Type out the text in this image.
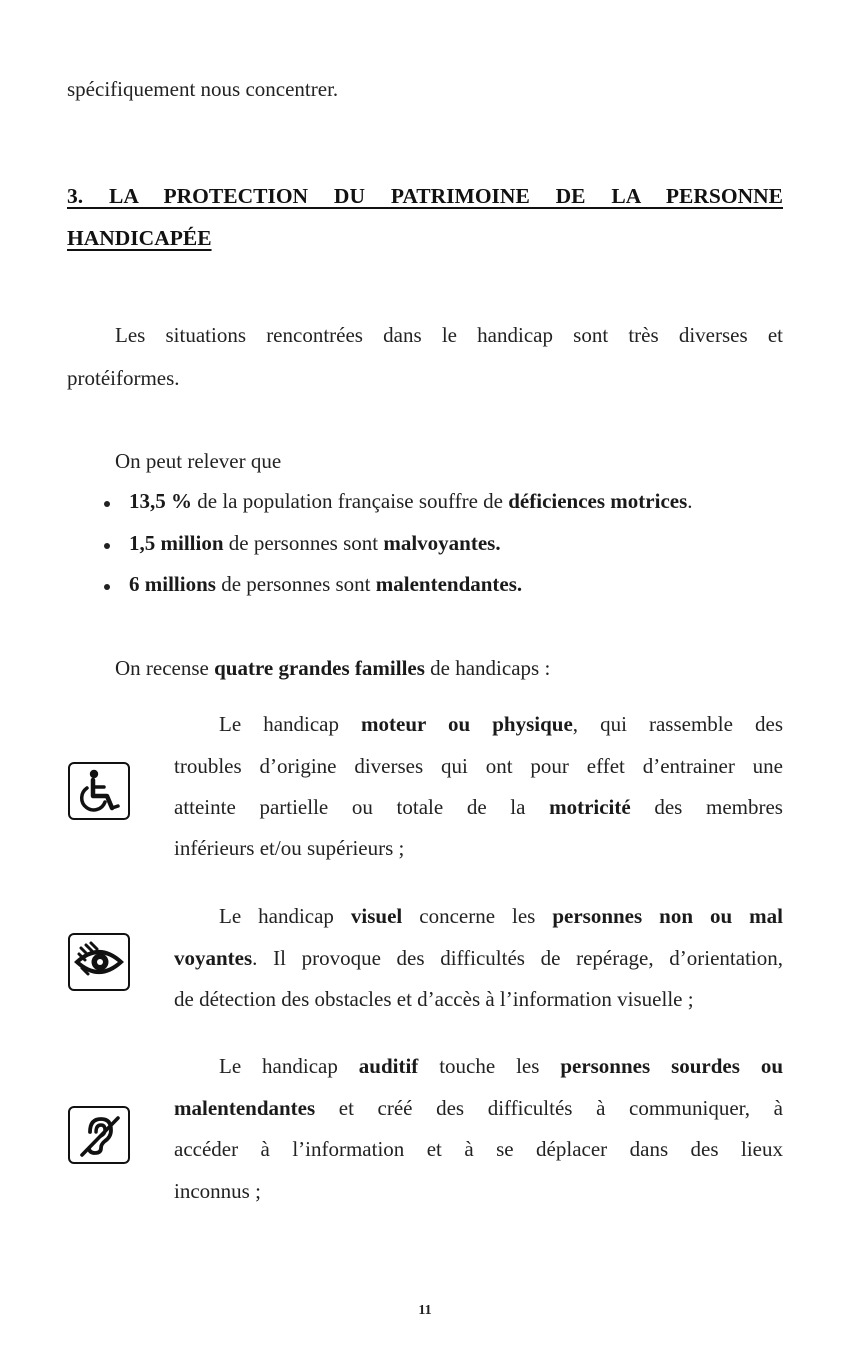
spécifiquement nous concentrer.
3. LA PROTECTION DU PATRIMOINE DE LA PERSONNE
HANDICAPÉE
Les situations rencontrées dans le handicap sont très diverses et
protéiformes.
On peut relever que
13,5 % de la population française souffre de déficiences motrices.
1,5 million de personnes sont malvoyantes.
6 millions de personnes sont malentendantes.
On recense quatre grandes familles de handicaps :
Le handicap moteur ou physique, qui rassemble des
troubles d’origine diverses qui ont pour effet d’entrainer une
atteinte partielle ou totale de la motricité des membres
inférieurs et/ou supérieurs ;
Le handicap visuel concerne les personnes non ou mal
voyantes. Il provoque des difficultés de repérage, d’orientation,
de détection des obstacles et d’accès à l’information visuelle ;
Le handicap auditif touche les personnes sourdes ou
malentendantes et créé des difficultés à communiquer, à
accéder à l’information et à se déplacer dans des lieux
inconnus ;
11
